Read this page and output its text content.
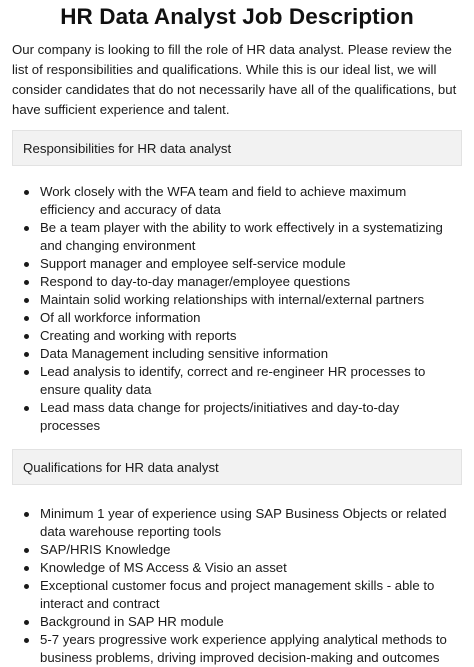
HR Data Analyst Job Description

Our company is looking to fill the role of HR data analyst. Please review the list of responsibilities and qualifications. While this is our ideal list, we will consider candidates that do not necessarily have all of the qualifications, but have sufficient experience and talent.

Responsibilities for HR data analyst
Work closely with the WFA team and field to achieve maximum efficiency and accuracy of data
Be a team player with the ability to work effectively in a systematizing and changing environment
Support manager and employee self-service module
Respond to day-to-day manager/employee questions
Maintain solid working relationships with internal/external partners
Of all workforce information
Creating and working with reports
Data Management including sensitive information
Lead analysis to identify, correct and re-engineer HR processes to ensure quality data
Lead mass data change for projects/initiatives and day-to-day processes
Qualifications for HR data analyst
Minimum 1 year of experience using SAP Business Objects or related data warehouse reporting tools
SAP/HRIS Knowledge
Knowledge of MS Access & Visio an asset
Exceptional customer focus and project management skills - able to interact and contract
Background in SAP HR module
5-7 years progressive work experience applying analytical methods to business problems, driving improved decision-making and outcomes
